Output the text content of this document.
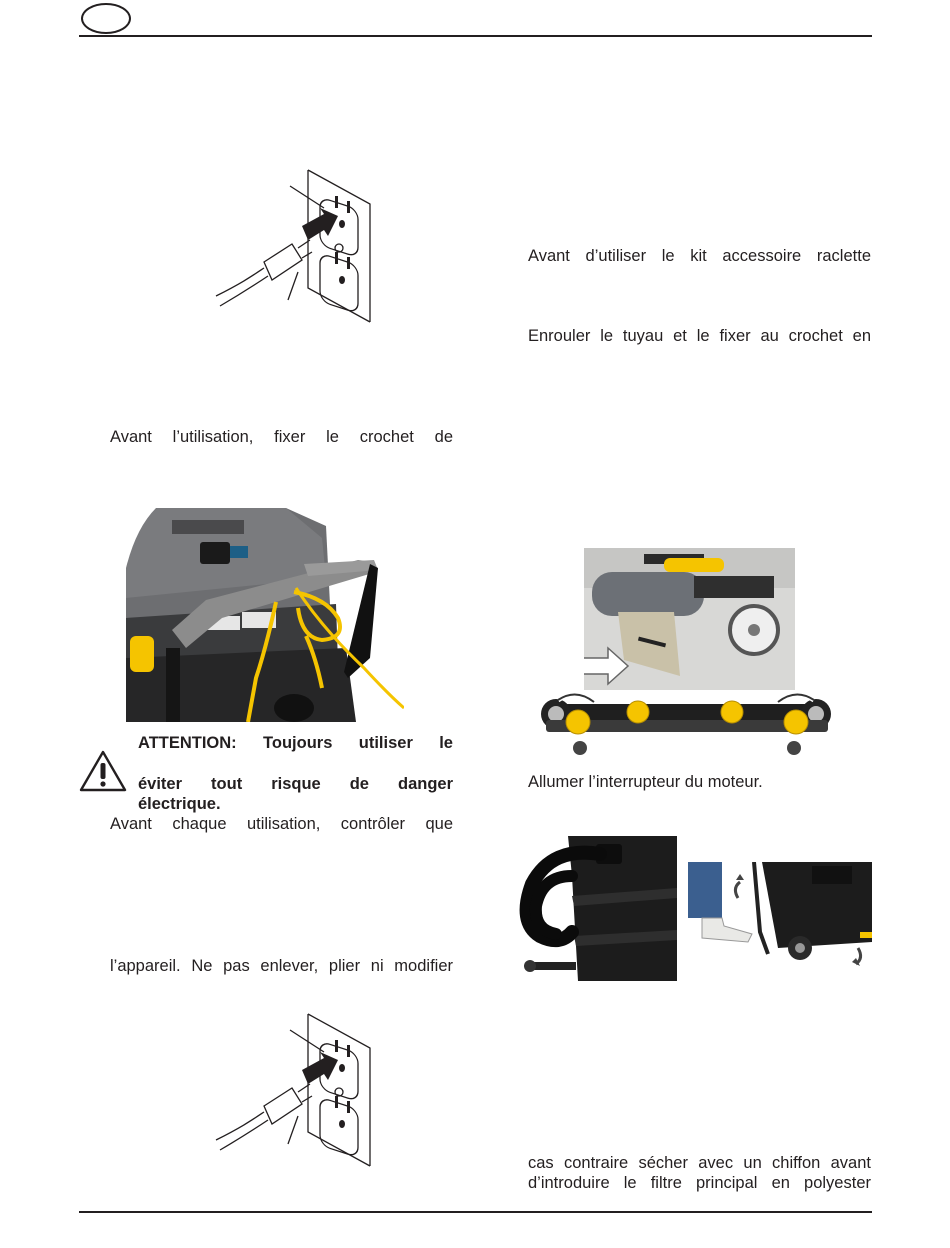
Avant l’utilisation, fixer le crochet de
ATTENTION: Toujours utiliser le
éviter tout risque de danger
électrique.
Avant chaque utilisation, contrôler que
l’appareil. Ne pas enlever, plier ni modifier
Avant d’utiliser le kit accessoire raclette
Enrouler le tuyau et le fixer au crochet en
Allumer l’interrupteur du moteur.
cas contraire sécher avec un chiffon avant
d’introduire le filtre principal en polyester
